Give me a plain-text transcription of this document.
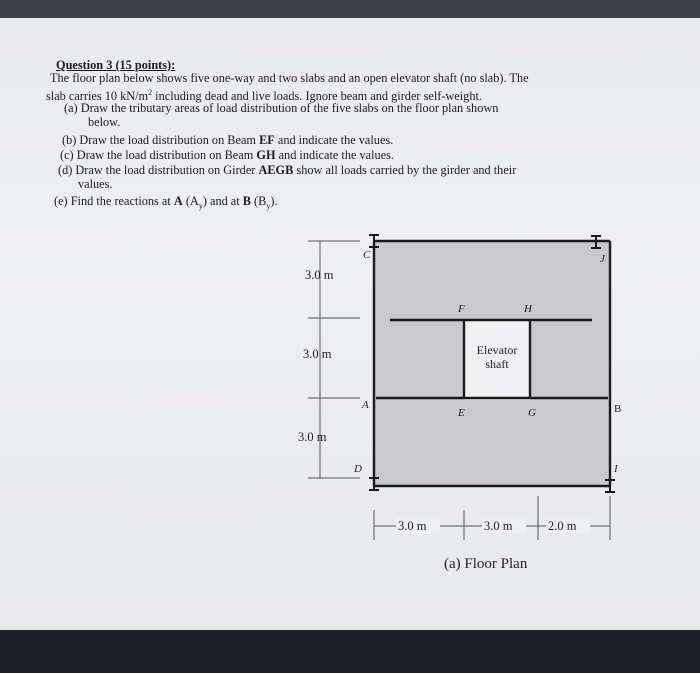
Question 3 (15 points):
The floor plan below shows five one-way and two slabs and an open elevator shaft (no slab). The
slab carries 10 $kN/m^2$ including dead and live loads. Ignore beam and girder self-weight.
(a) Draw the tributary areas of load distribution of the five slabs on the floor plan shown
below.
(b) Draw the load distribution on Beam EF and indicate the values.
(c) Draw the load distribution on Beam GH and indicate the values.
(d) Draw the load distribution on Girder AEGB show all loads carried by the girder and their
values.
(e) Find the reactions at A $(A_y)$ and at B $(B_y)$.
3.0 m
3.0 m
3.0 m
3.0 m	3.0 m	2.0 m
C	J
F	H
A
E	G	B
D	I
Elevator
shaft
(a) Floor Plan
